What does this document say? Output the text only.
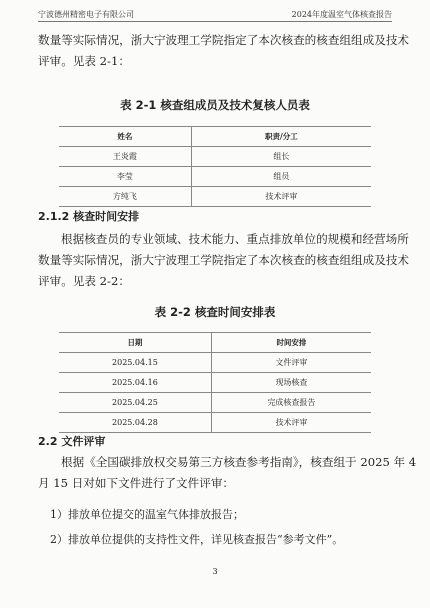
宁波德州精密电子有限公司	2024年度温室气体核查报告

数量等实际情况，浙大宁波理工学院指定了本次核查的核查组组成及技术
评审。见表 2-1：

表 2-1 核查组成员及技术复核人员表
姓名	职责/分工
王炎霞	组长
李莹	组员
方纯飞	技术评审
2.1.2 核查时间安排

根据核查员的专业领域、技术能力、重点排放单位的规模和经营场所
数量等实际情况，浙大宁波理工学院指定了本次核查的核查组组成及技术
评审。见表 2-2：

表 2-2 核查时间安排表
日期	时间安排
2025.04.15	文件评审
2025.04.16	现场核查
2025.04.25	完成核查报告
2025.04.28	技术评审
2.2 文件评审

根据《全国碳排放权交易第三方核查参考指南》，核查组于 2025 年 4
月 15 日对如下文件进行了文件评审：

1）排放单位提交的温室气体排放报告；
2）排放单位提供的支持性文件，详见核查报告“参考文件”。
3
